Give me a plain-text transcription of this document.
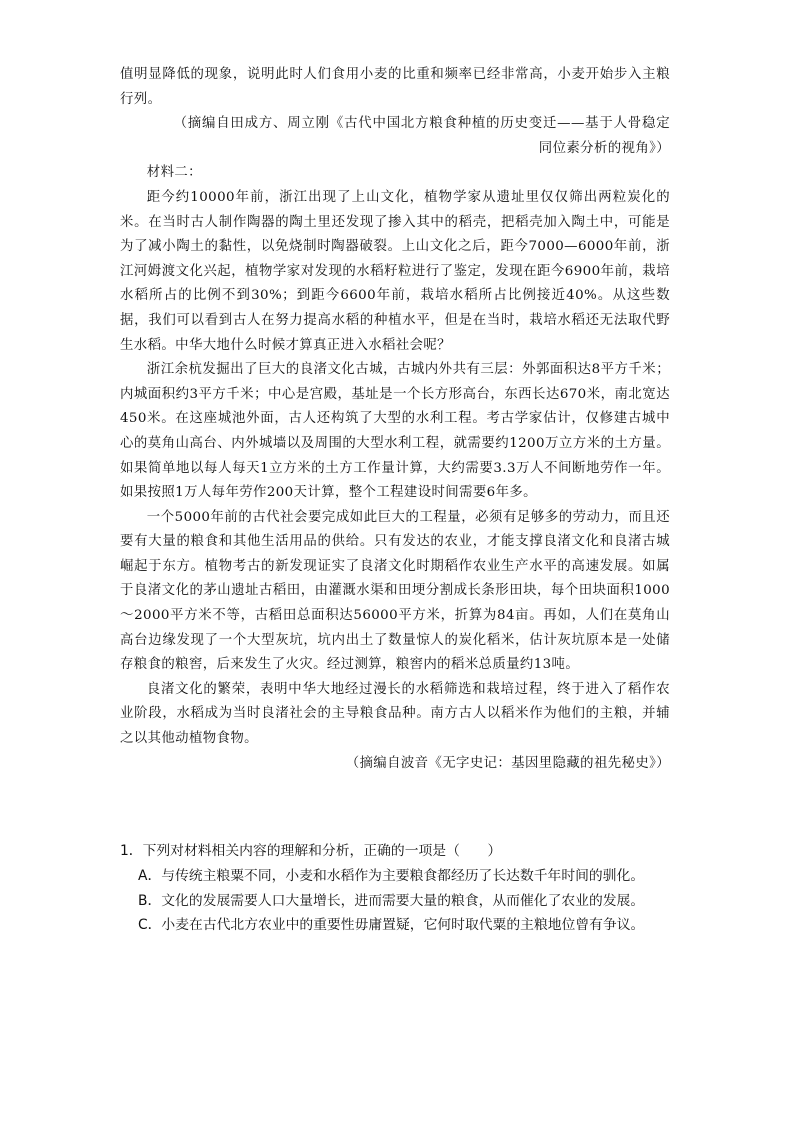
值明显降低的现象，说明此时人们食用小麦的比重和频率已经非常高，小麦开始步入主粮行列。

（摘编自田成方、周立刚《古代中国北方粮食种植的历史变迁——基于人骨稳定同位素分析的视角》）

材料二：

距今约10000年前，浙江出现了上山文化，植物学家从遗址里仅仅筛出两粒炭化的米。在当时古人制作陶器的陶土里还发现了掺入其中的稻壳，把稻壳加入陶土中，可能是为了减小陶土的黏性，以免烧制时陶器破裂。上山文化之后，距今7000—6000年前，浙江河姆渡文化兴起，植物学家对发现的水稻籽粒进行了鉴定，发现在距今6900年前，栽培水稻所占的比例不到30%；到距今6600年前，栽培水稻所占比例接近40%。从这些数据，我们可以看到古人在努力提高水稻的种植水平，但是在当时，栽培水稻还无法取代野生水稻。中华大地什么时候才算真正进入水稻社会呢？

浙江余杭发掘出了巨大的良渚文化古城，古城内外共有三层：外郭面积达8平方千米；内城面积约3平方千米；中心是宫殿，基址是一个长方形高台，东西长达670米，南北宽达450米。在这座城池外面，古人还构筑了大型的水利工程。考古学家估计，仅修建古城中心的莫角山高台、内外城墙以及周围的大型水利工程，就需要约1200万立方米的土方量。如果简单地以每人每天1立方米的土方工作量计算，大约需要3.3万人不间断地劳作一年。如果按照1万人每年劳作200天计算，整个工程建设时间需要6年多。

一个5000年前的古代社会要完成如此巨大的工程量，必须有足够多的劳动力，而且还要有大量的粮食和其他生活用品的供给。只有发达的农业，才能支撑良渚文化和良渚古城崛起于东方。植物考古的新发现证实了良渚文化时期稻作农业生产水平的高速发展。如属于良渚文化的茅山遗址古稻田，由灌溉水渠和田埂分割成长条形田块，每个田块面积1000～2000平方米不等，古稻田总面积达56000平方米，折算为84亩。再如，人们在莫角山高台边缘发现了一个大型灰坑，坑内出土了数量惊人的炭化稻米，估计灰坑原本是一处储存粮食的粮窖，后来发生了火灾。经过测算，粮窖内的稻米总质量约13吨。

良渚文化的繁荣，表明中华大地经过漫长的水稻筛选和栽培过程，终于进入了稻作农业阶段，水稻成为当时良渚社会的主导粮食品种。南方古人以稻米作为他们的主粮，并辅之以其他动植物食物。

（摘编自波音《无字史记：基因里隐藏的祖先秘史》）

1．下列对材料相关内容的理解和分析，正确的一项是（　　）

A．与传统主粮粟不同，小麦和水稻作为主要粮食都经历了长达数千年时间的驯化。

B．文化的发展需要人口大量增长，进而需要大量的粮食，从而催化了农业的发展。

C．小麦在古代北方农业中的重要性毋庸置疑，它何时取代粟的主粮地位曾有争议。
